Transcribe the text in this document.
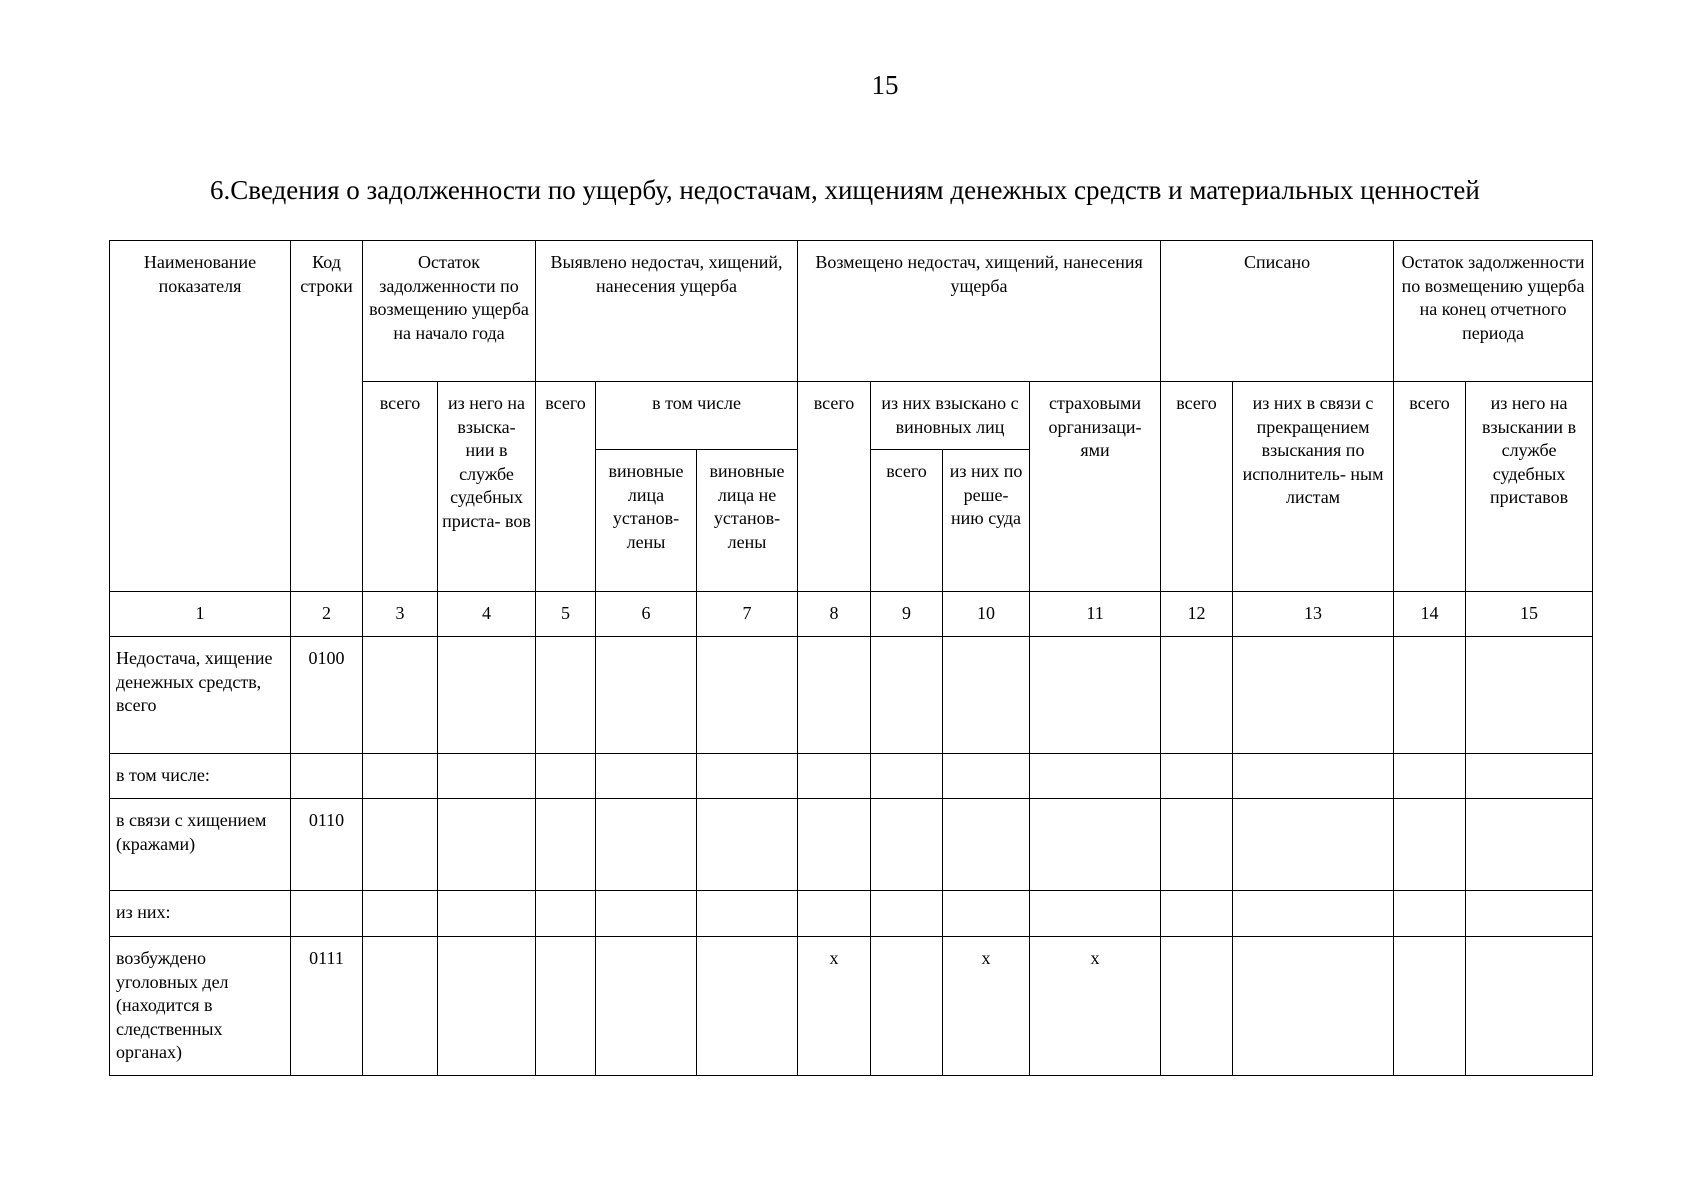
15
6.Сведения о задолженности по ущербу, недостачам, хищениям денежных средств и материальных ценностей
Наименование показателя	Код строки	Остаток задолженности по возмещению ущерба на начало года		Выявлено недостач, хищений, нанесения ущерба			Возмещено недостач, хищений, нанесения ущерба				Списано		Остаток задолженности по возмещению ущерба на конец отчетного периода	
		всего	из него на взыска- нии в службе судебных приста- вов	всего	в том числе		всего	из них взыскано с виновных лиц		страховыми организаци- ями	всего	из них в связи с прекращением взыскания по исполнитель- ным листам	всего	из него на взыскании в службе судебных приставов
					виновные лица установ- лены	виновные лица не установ- лены		всего	из них по реше- нию суда					
1	2	3	4	5	6	7	8	9	10	11	12	13	14	15
Недостача, хищение денежных средств, всего	0100													
в том числе:														
в связи с хищением (кражами)	0110													
из них:														
возбуждено уголовных дел (находится в следственных органах)	0111						x		x	x				
